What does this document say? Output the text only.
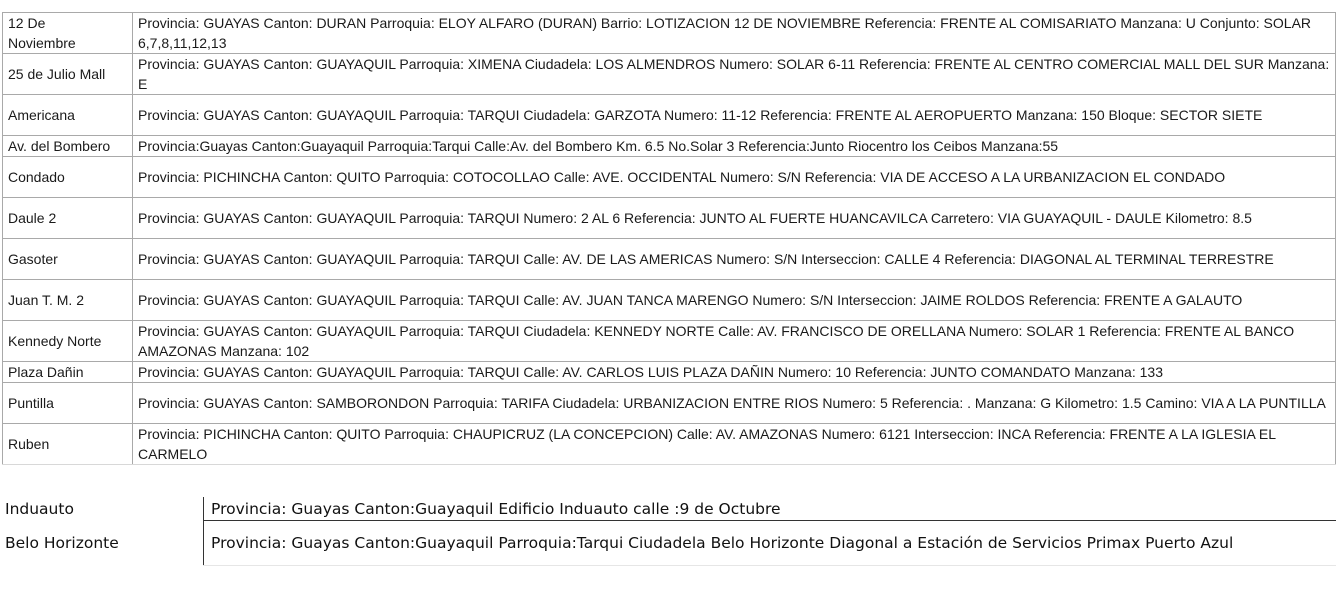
12 De
Noviembre	Provincia: GUAYAS Canton: DURAN Parroquia: ELOY ALFARO (DURAN) Barrio: LOTIZACION 12 DE NOVIEMBRE Referencia: FRENTE AL COMISARIATO Manzana: U Conjunto: SOLAR 6,7,8,11,12,13
25 de Julio Mall	Provincia: GUAYAS Canton: GUAYAQUIL Parroquia: XIMENA Ciudadela: LOS ALMENDROS Numero: SOLAR 6-11 Referencia: FRENTE AL CENTRO COMERCIAL MALL DEL SUR Manzana: E
Americana	Provincia: GUAYAS Canton: GUAYAQUIL Parroquia: TARQUI Ciudadela: GARZOTA Numero: 11-12 Referencia: FRENTE AL AEROPUERTO Manzana: 150 Bloque: SECTOR SIETE
Av. del Bombero	Provincia:Guayas Canton:Guayaquil Parroquia:Tarqui Calle:Av. del Bombero Km. 6.5 No.Solar 3 Referencia:Junto Riocentro los Ceibos Manzana:55
Condado	Provincia: PICHINCHA Canton: QUITO Parroquia: COTOCOLLAO Calle: AVE. OCCIDENTAL Numero: S/N Referencia: VIA DE ACCESO A LA URBANIZACION EL CONDADO
Daule 2	Provincia: GUAYAS Canton: GUAYAQUIL Parroquia: TARQUI Numero: 2 AL 6 Referencia: JUNTO AL FUERTE HUANCAVILCA Carretero: VIA GUAYAQUIL - DAULE Kilometro: 8.5
Gasoter	Provincia: GUAYAS Canton: GUAYAQUIL Parroquia: TARQUI Calle: AV. DE LAS AMERICAS Numero: S/N Interseccion: CALLE 4 Referencia: DIAGONAL AL TERMINAL TERRESTRE
Juan T. M. 2	Provincia: GUAYAS Canton: GUAYAQUIL Parroquia: TARQUI Calle: AV. JUAN TANCA MARENGO Numero: S/N Interseccion: JAIME ROLDOS Referencia: FRENTE A GALAUTO
Kennedy Norte	Provincia: GUAYAS Canton: GUAYAQUIL Parroquia: TARQUI Ciudadela: KENNEDY NORTE Calle: AV. FRANCISCO DE ORELLANA Numero: SOLAR 1 Referencia: FRENTE AL BANCO AMAZONAS Manzana: 102
Plaza Dañin	Provincia: GUAYAS Canton: GUAYAQUIL Parroquia: TARQUI Calle: AV. CARLOS LUIS PLAZA DAÑIN Numero: 10 Referencia: JUNTO COMANDATO Manzana: 133
Puntilla	Provincia: GUAYAS Canton: SAMBORONDON Parroquia: TARIFA Ciudadela: URBANIZACION ENTRE RIOS Numero: 5 Referencia: . Manzana: G Kilometro: 1.5 Camino: VIA A LA PUNTILLA
Ruben	Provincia: PICHINCHA Canton: QUITO Parroquia: CHAUPICRUZ (LA CONCEPCION) Calle: AV. AMAZONAS Numero: 6121 Interseccion: INCA Referencia: FRENTE A LA IGLESIA EL CARMELO
Induauto	Provincia: Guayas Canton:Guayaquil Edificio Induauto calle :9 de Octubre
Belo Horizonte	Provincia: Guayas Canton:Guayaquil Parroquia:Tarqui Ciudadela Belo Horizonte Diagonal a Estación de Servicios Primax Puerto Azul
